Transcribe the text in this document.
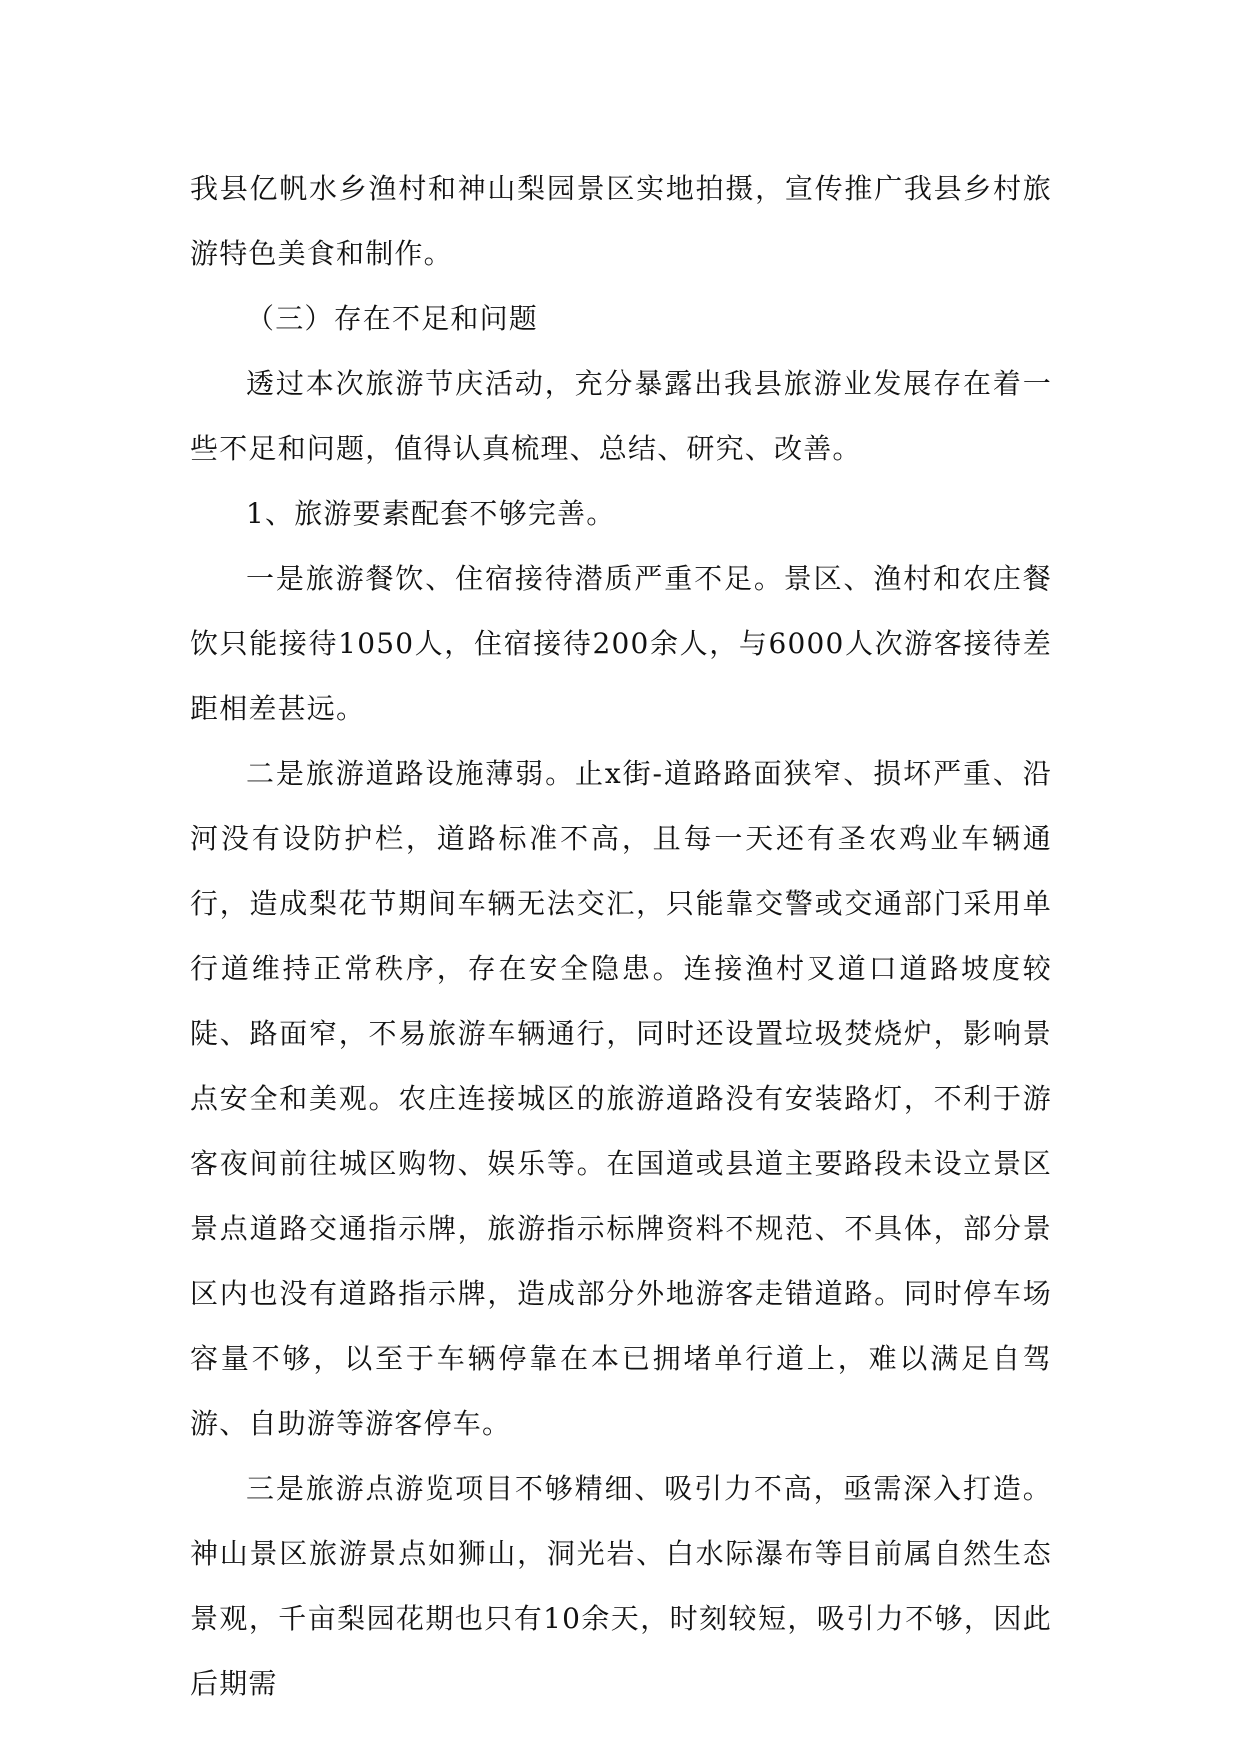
我县亿帆水乡渔村和神山梨园景区实地拍摄，宣传推广我县乡村旅游特色美食和制作。

（三）存在不足和问题

透过本次旅游节庆活动，充分暴露出我县旅游业发展存在着一些不足和问题，值得认真梳理、总结、研究、改善。

1、旅游要素配套不够完善。

一是旅游餐饮、住宿接待潜质严重不足。景区、渔村和农庄餐饮只能接待1050人，住宿接待200余人，与6000人次游客接待差距相差甚远。

二是旅游道路设施薄弱。止x街-道路路面狭窄、损坏严重、沿河没有设防护栏，道路标准不高，且每一天还有圣农鸡业车辆通行，造成梨花节期间车辆无法交汇，只能靠交警或交通部门采用单行道维持正常秩序，存在安全隐患。连接渔村叉道口道路坡度较陡、路面窄，不易旅游车辆通行，同时还设置垃圾焚烧炉，影响景点安全和美观。农庄连接城区的旅游道路没有安装路灯，不利于游客夜间前往城区购物、娱乐等。在国道或县道主要路段未设立景区景点道路交通指示牌，旅游指示标牌资料不规范、不具体，部分景区内也没有道路指示牌，造成部分外地游客走错道路。同时停车场容量不够，以至于车辆停靠在本已拥堵单行道上，难以满足自驾游、自助游等游客停车。

三是旅游点游览项目不够精细、吸引力不高，亟需深入打造。神山景区旅游景点如狮山，洞光岩、白水际瀑布等目前属自然生态景观，千亩梨园花期也只有10余天，时刻较短，吸引力不够，因此后期需
